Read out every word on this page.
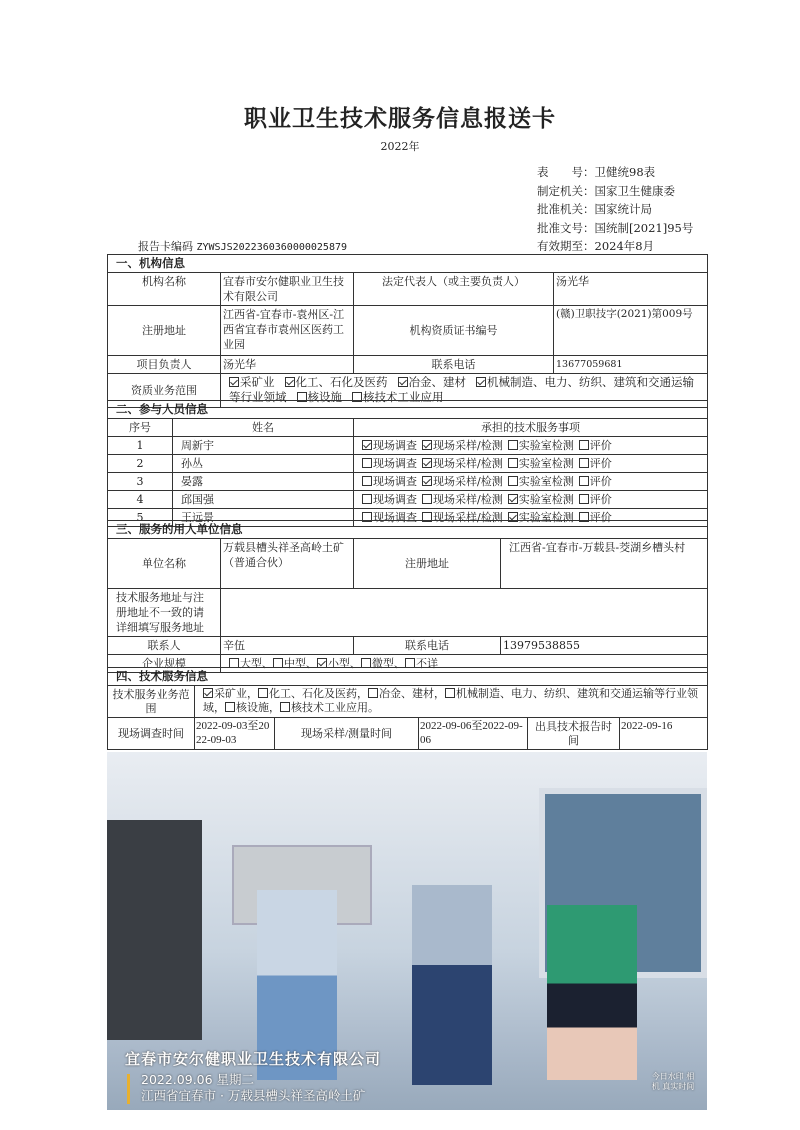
职业卫生技术服务信息报送卡
2022年
表　　号：卫健统98表
制定机关：国家卫生健康委
批准机关：国家统计局
批准文号：国统制[2021]95号
有效期至：2024年8月
报告卡编码 ZYWSJS2022360360000025879
一、机构信息			
机构名称	宜春市安尔健职业卫生技术有限公司	法定代表人（或主要负责人）	汤光华
注册地址	江西省-宜春市-袁州区-江西省宜春市袁州区医药工业园	机构资质证书编号	(赣)卫职技字(2021)第009号
项目负责人	汤光华	联系电话	13677059681
资质业务范围	采矿业 化工、石化及医药 冶金、建材 机械制造、电力、纺织、建筑和交通运输等行业领域 核设施 核技术工业应用		
二、参与人员信息		
序号	姓名	承担的技术服务事项
1	周新宇	现场调查 现场采样/检测 实验室检测 评价
2	孙丛	现场调查 现场采样/检测 实验室检测 评价
3	晏露	现场调查 现场采样/检测 实验室检测 评价
4	邱国强	现场调查 现场采样/检测 实验室检测 评价
5	王远景	现场调查 现场采样/检测 实验室检测 评价
三、服务的用人单位信息			
单位名称	万载县槽头祥圣高岭土矿（普通合伙）	注册地址	江西省-宜春市-万载县-茭湖乡槽头村
技术服务地址与注册地址不一致的请详细填写服务地址			
联系人	辛伍	联系电话	13979538855
企业规模	大型、 中型、 小型、 微型、 不详		
四、技术服务信息					
技术服务业务范围	采矿业， 化工、石化及医药， 冶金、建材， 机械制造、电力、纺织、建筑和交通运输等行业领域， 核设施， 核技术工业应用。				
现场调查时间	2022-09-03至2022-09-03	现场采样/测量时间	2022-09-06至2022-09-06	出具技术报告时间	2022-09-16
宜春市安尔健职业卫生技术有限公司
2022.09.06 星期二
江西省宜春市 · 万载县槽头祥圣高岭土矿
今日水印 相机 真实时间
